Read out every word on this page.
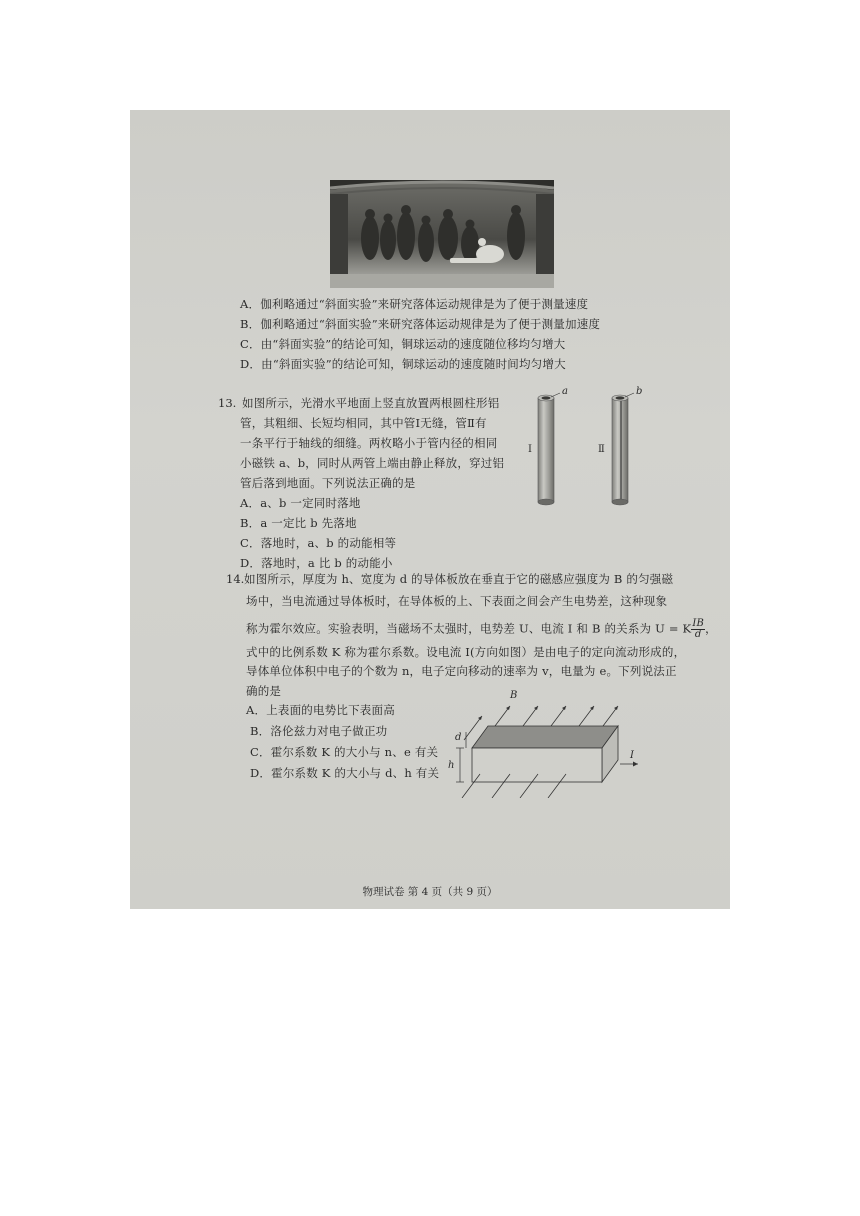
A．伽利略通过“斜面实验”来研究落体运动规律是为了便于测量速度
B．伽利略通过“斜面实验”来研究落体运动规律是为了便于测量加速度
C．由“斜面实验”的结论可知，铜球运动的速度随位移均匀增大
D．由“斜面实验”的结论可知，铜球运动的速度随时间均匀增大
13. 如图所示，光滑水平地面上竖直放置两根圆柱形铝
管，其粗细、长短均相同，其中管Ⅰ无缝，管Ⅱ有
一条平行于轴线的细缝。两枚略小于管内径的相同
小磁铁 a、b，同时从两管上端由静止释放，穿过铝
管后落到地面。下列说法正确的是
A．a、b 一定同时落地
B．a 一定比 b 先落地
C．落地时，a、b 的动能相等
D．落地时，a 比 b 的动能小
a	b
Ⅰ	Ⅱ
14. 如图所示，厚度为 h、宽度为 d 的导体板放在垂直于它的磁感应强度为 B 的匀强磁
场中，当电流通过导体板时，在导体板的上、下表面之间会产生电势差，这种现象
称为霍尔效应。实验表明，当磁场不太强时，电势差 U、电流 I 和 B 的关系为 U = K $\frac{IB}{d}$ ，
式中的比例系数 K 称为霍尔系数。设电流 I(方向如图）是由电子的定向流动形成的，
导体单位体积中电子的个数为 n，电子定向移动的速率为 v，电量为 e。下列说法正
确的是
A．上表面的电势比下表面高
B．洛伦兹力对电子做正功
C．霍尔系数 K 的大小与 n、e 有关
D．霍尔系数 K 的大小与 d、h 有关
B
d
h
I
物理试卷 第 4 页（共 9 页）
